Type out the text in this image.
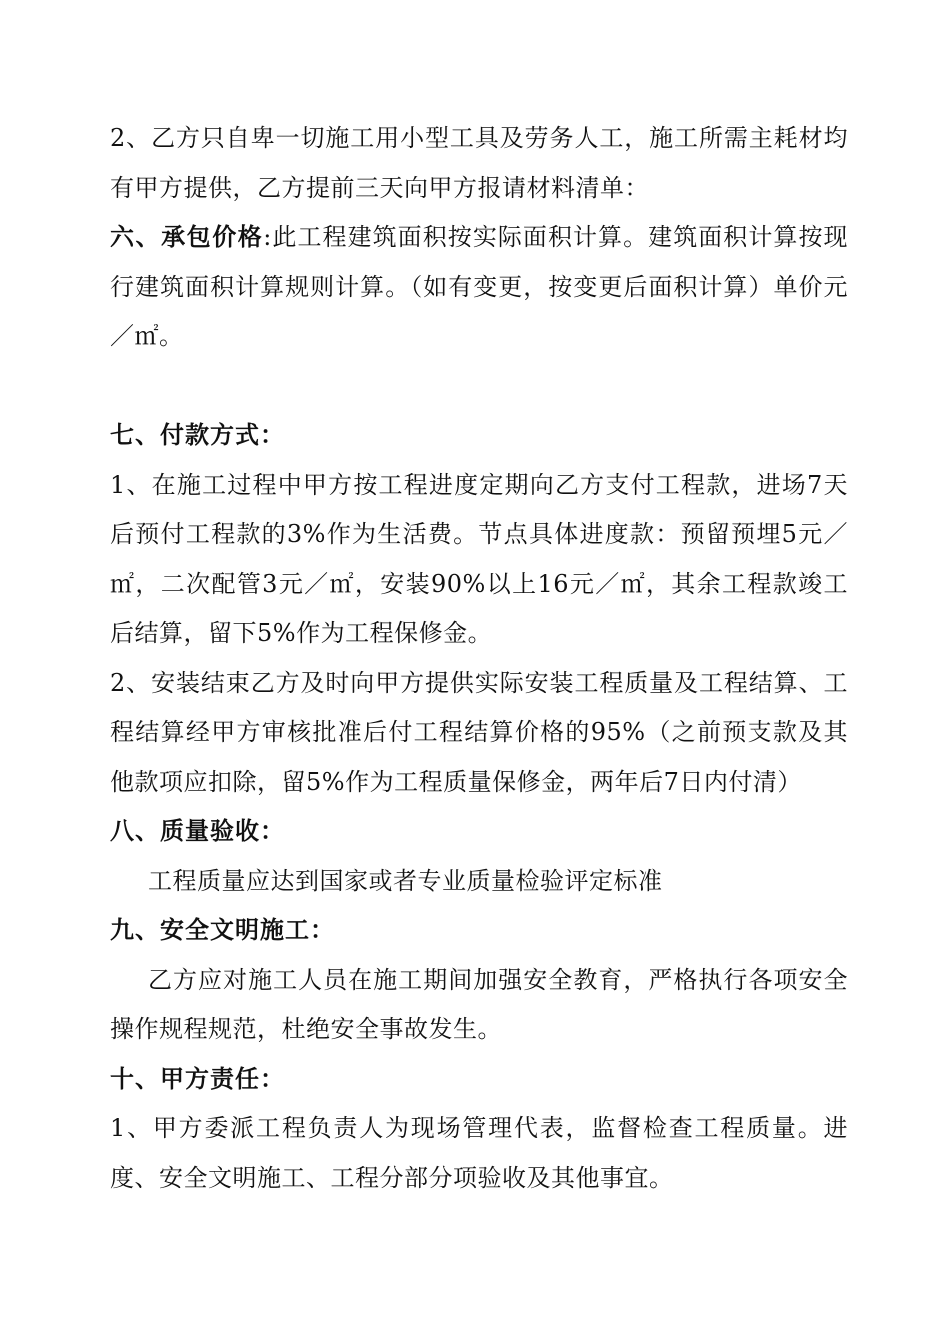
2、乙方只自卑一切施工用小型工具及劳务人工，施工所需主耗材均有甲方提供，乙方提前三天向甲方报请材料清单：

六、承包价格:此工程建筑面积按实际面积计算。建筑面积计算按现行建筑面积计算规则计算。（如有变更，按变更后面积计算）单价元／㎡。

七、付款方式：

1、在施工过程中甲方按工程进度定期向乙方支付工程款，进场7天后预付工程款的3%作为生活费。节点具体进度款：预留预埋5元／㎡，二次配管3元／㎡，安装90%以上16元／㎡，其余工程款竣工后结算，留下5%作为工程保修金。

2、安装结束乙方及时向甲方提供实际安装工程质量及工程结算、工程结算经甲方审核批准后付工程结算价格的95%（之前预支款及其他款项应扣除，留5%作为工程质量保修金，两年后7日内付清）

八、质量验收：

工程质量应达到国家或者专业质量检验评定标准

九、安全文明施工：

乙方应对施工人员在施工期间加强安全教育，严格执行各项安全操作规程规范，杜绝安全事故发生。

十、甲方责任：

1、甲方委派工程负责人为现场管理代表，监督检查工程质量。进度、安全文明施工、工程分部分项验收及其他事宜。
